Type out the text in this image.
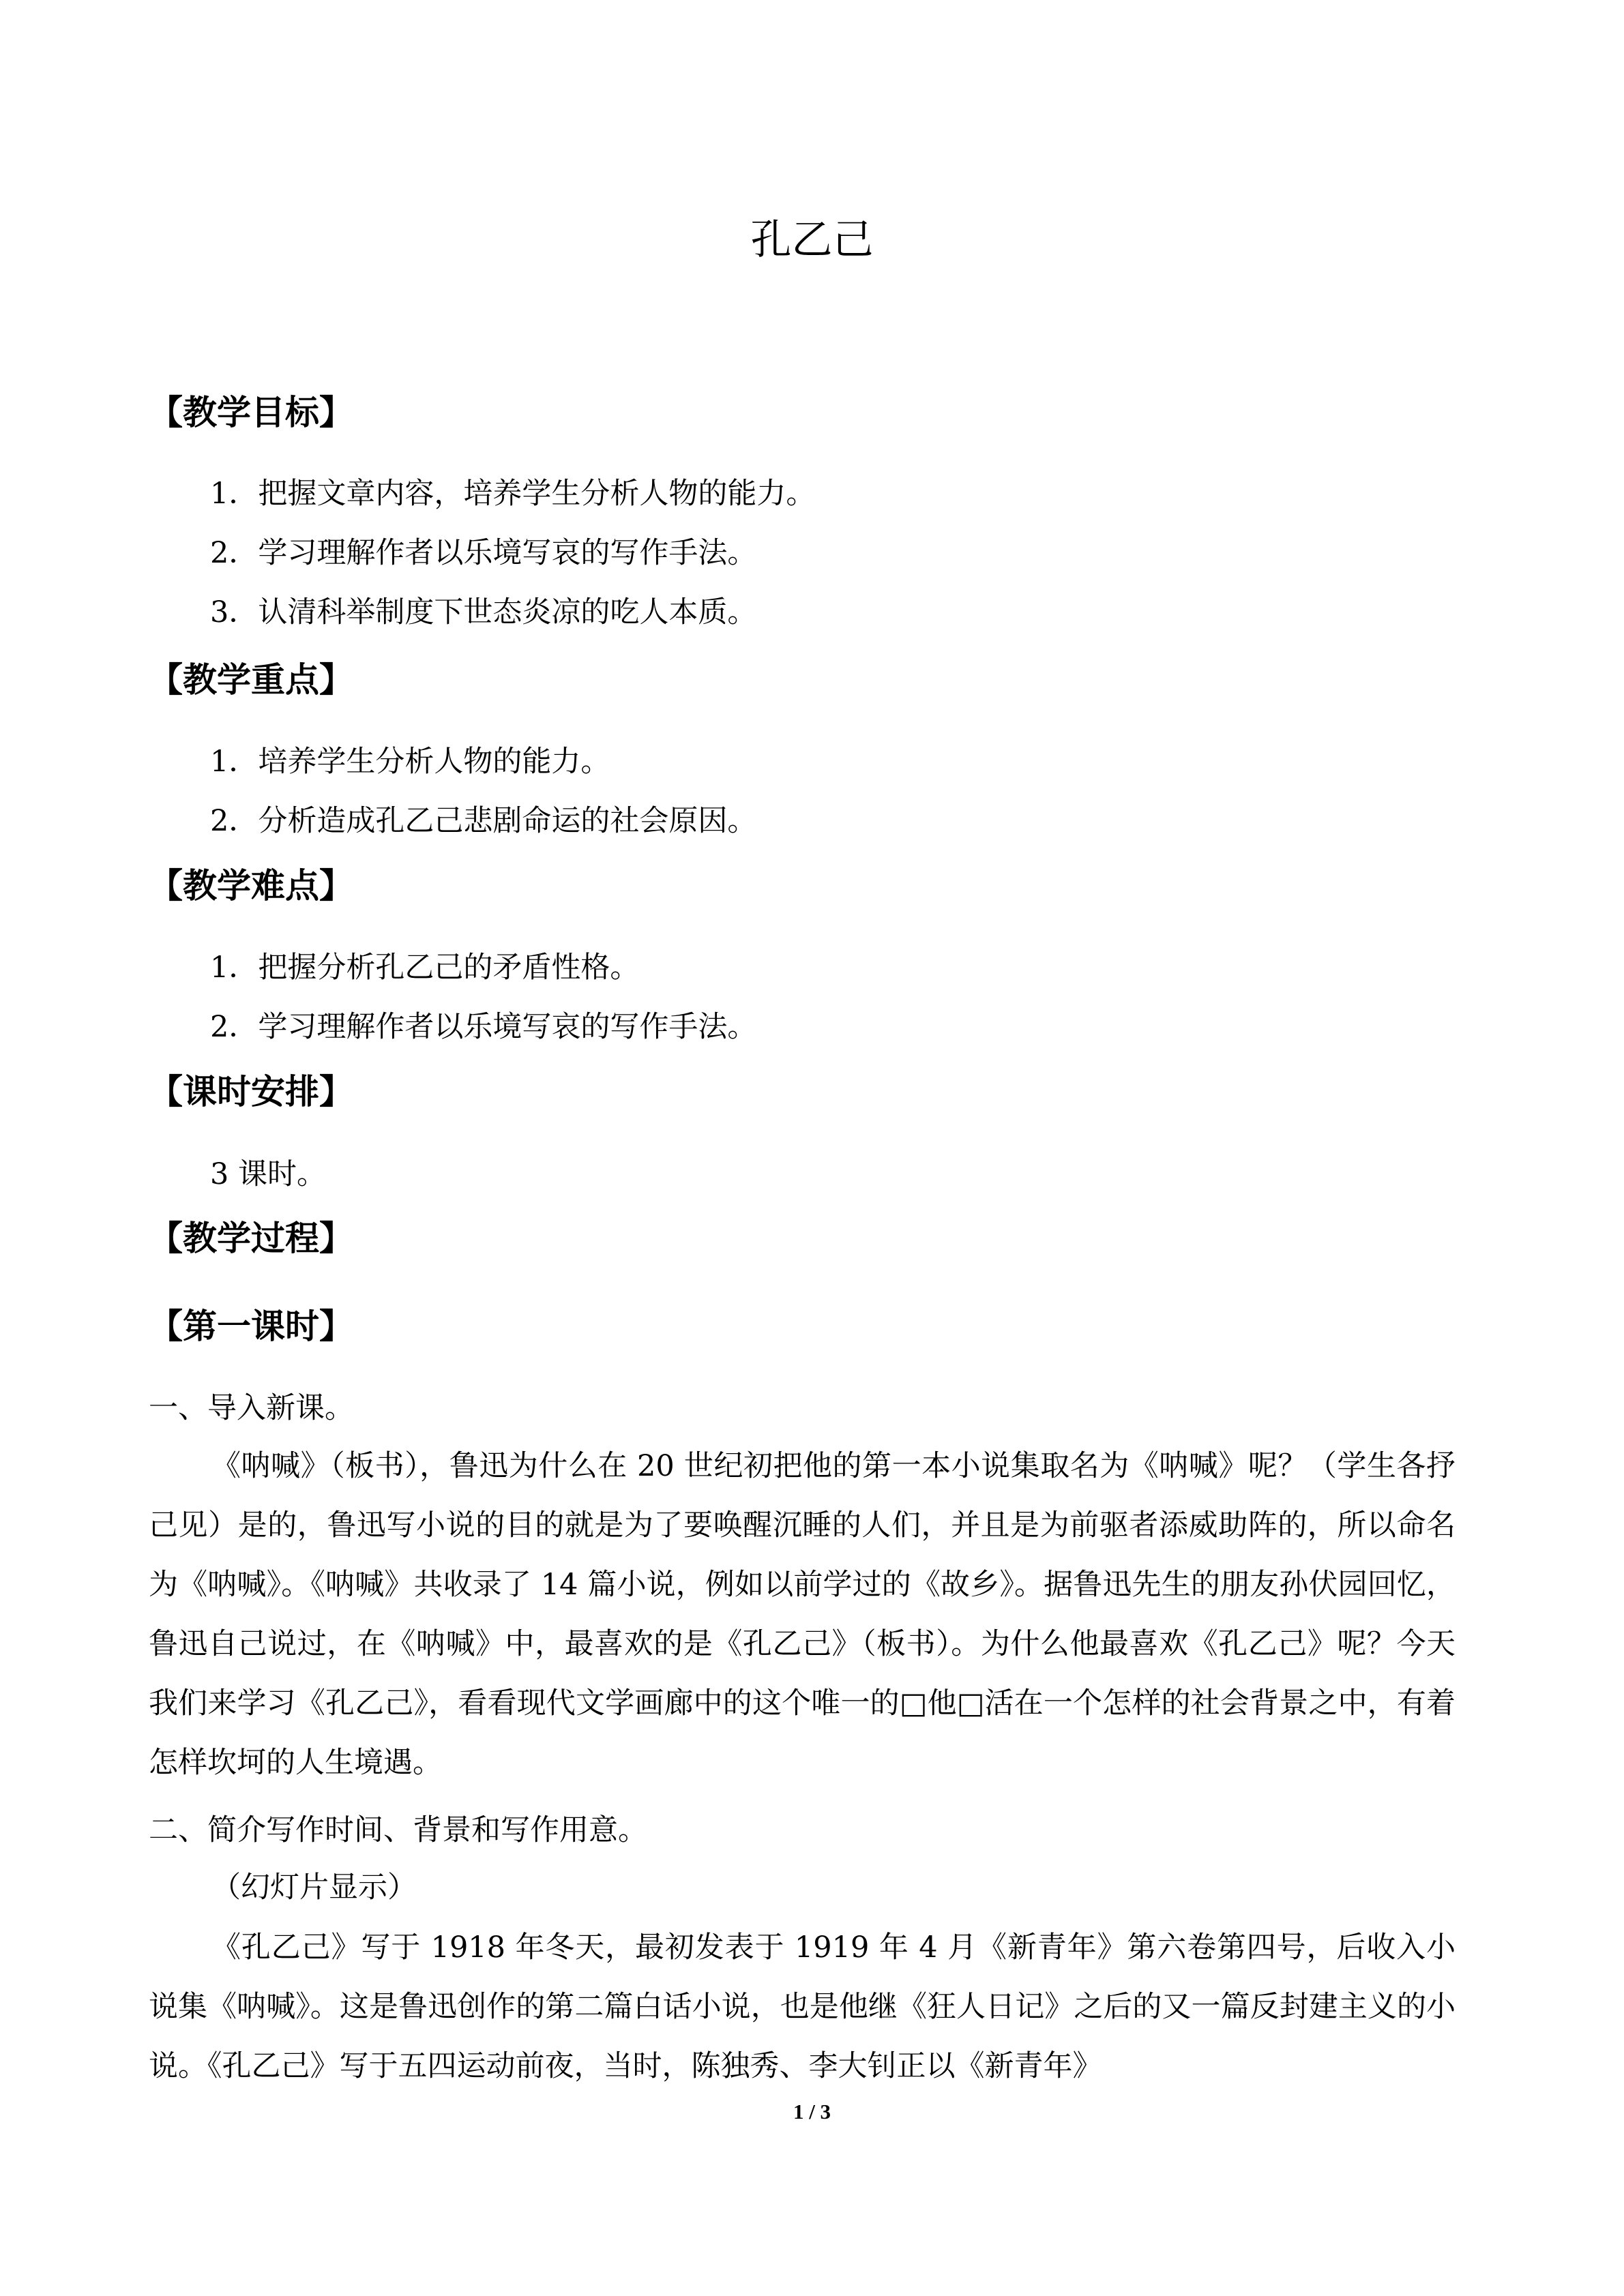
孔乙己
【教学目标】
1．把握文章内容，培养学生分析人物的能力。
2．学习理解作者以乐境写哀的写作手法。
3．认清科举制度下世态炎凉的吃人本质。
【教学重点】
1．培养学生分析人物的能力。
2．分析造成孔乙己悲剧命运的社会原因。
【教学难点】
1．把握分析孔乙己的矛盾性格。
2．学习理解作者以乐境写哀的写作手法。
【课时安排】
3 课时。
【教学过程】
【第一课时】
一、导入新课。
《呐喊》（板书），鲁迅为什么在 20 世纪初把他的第一本小说集取名为《呐喊》呢？（学生各抒己见）是的，鲁迅写小说的目的就是为了要唤醒沉睡的人们，并且是为前驱者添威助阵的，所以命名为《呐喊》。《呐喊》共收录了 14 篇小说，例如以前学过的《故乡》。据鲁迅先生的朋友孙伏园回忆，鲁迅自己说过，在《呐喊》中，最喜欢的是《孔乙己》（板书）。为什么他最喜欢《孔乙己》呢？今天我们来学习《孔乙己》，看看现代文学画廊中的这个唯一的□他□活在一个怎样的社会背景之中，有着怎样坎坷的人生境遇。
二、简介写作时间、背景和写作用意。
（幻灯片显示）
《孔乙己》写于 1918 年冬天，最初发表于 1919 年 4 月《新青年》第六卷第四号，后收入小说集《呐喊》。这是鲁迅创作的第二篇白话小说，也是他继《狂人日记》之后的又一篇反封建主义的小说。《孔乙己》写于五四运动前夜，当时，陈独秀、李大钊正以《新青年》
1 / 3
